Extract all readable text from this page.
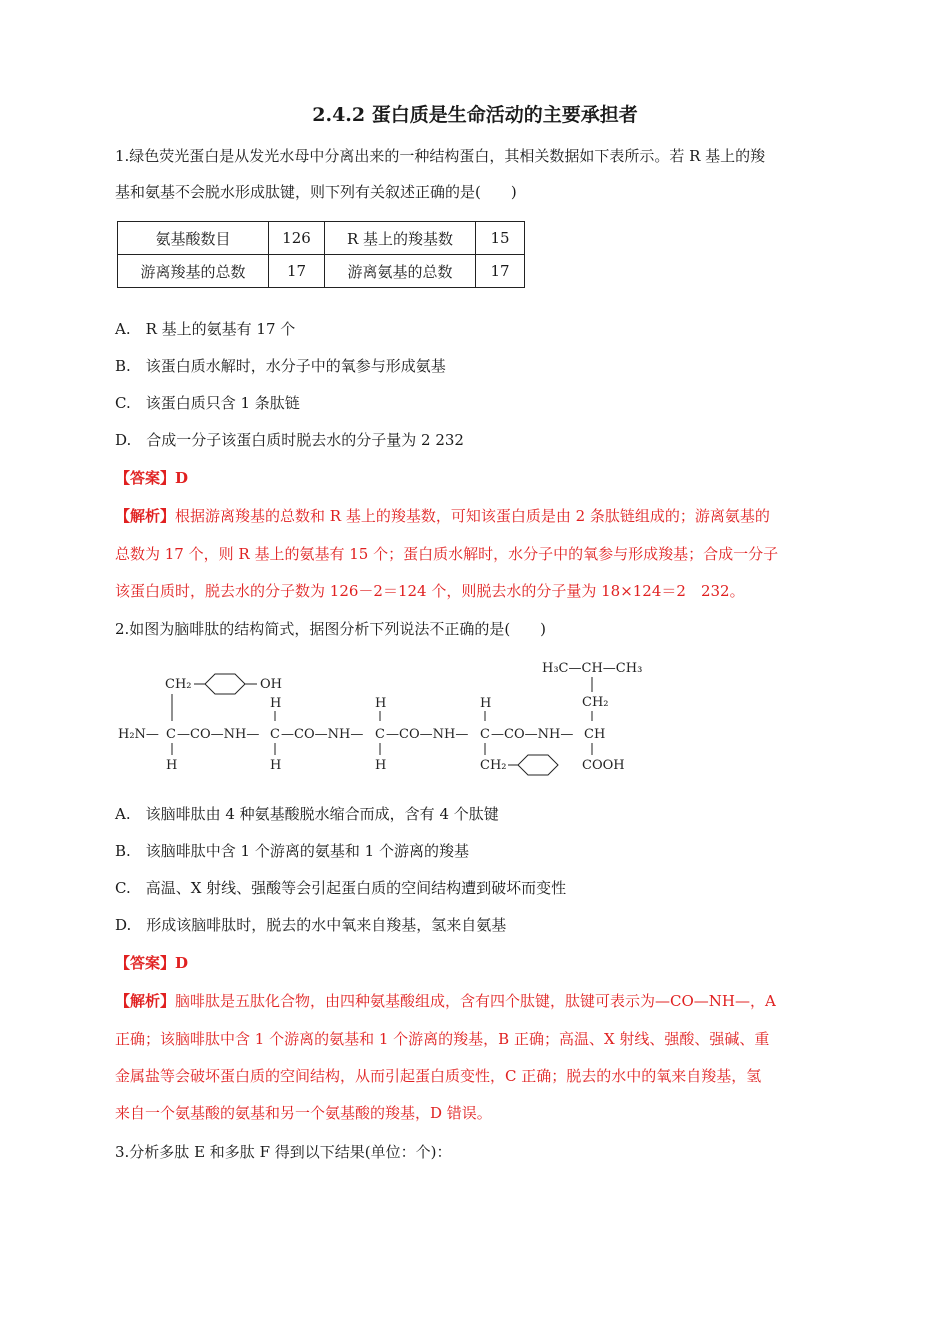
2.4.2 蛋白质是生命活动的主要承担者
1.绿色荧光蛋白是从发光水母中分离出来的一种结构蛋白，其相关数据如下表所示。若 R 基上的羧
基和氨基不会脱水形成肽键，则下列有关叙述正确的是(　　)
氨基酸数目	126	R 基上的羧基数	15
游离羧基的总数	17	游离氨基的总数	17
A.　R 基上的氨基有 17 个
B.　该蛋白质水解时，水分子中的氧参与形成氨基
C.　该蛋白质只含 1 条肽链
D.　合成一分子该蛋白质时脱去水的分子量为 2 232
【答案】D
【解析】根据游离羧基的总数和 R 基上的羧基数，可知该蛋白质是由 2 条肽链组成的；游离氨基的
总数为 17 个，则 R 基上的氨基有 15 个；蛋白质水解时，水分子中的氧参与形成羧基；合成一分子
该蛋白质时，脱去水的分子数为 126－2＝124 个，则脱去水的分子量为 18×124＝2　232。
2.如图为脑啡肽的结构简式，据图分析下列说法不正确的是(　　)
CH₂	OH
H	H	H
H₃C—CH—CH₃
CH₂
H₂N— C —CO—NH— C —CO—NH— C —CO—NH— C —CO—NH— CH
H	H	H	CH₂	COOH
A.　该脑啡肽由 4 种氨基酸脱水缩合而成，含有 4 个肽键
B.　该脑啡肽中含 1 个游离的氨基和 1 个游离的羧基
C.　高温、X 射线、强酸等会引起蛋白质的空间结构遭到破坏而变性
D.　形成该脑啡肽时，脱去的水中氧来自羧基，氢来自氨基
【答案】D
【解析】脑啡肽是五肽化合物，由四种氨基酸组成，含有四个肽键，肽键可表示为—CO—NH—，A
正确；该脑啡肽中含 1 个游离的氨基和 1 个游离的羧基，B 正确；高温、X 射线、强酸、强碱、重
金属盐等会破坏蛋白质的空间结构，从而引起蛋白质变性，C 正确；脱去的水中的氧来自羧基，氢
来自一个氨基酸的氨基和另一个氨基酸的羧基，D 错误。
3.分析多肽 E 和多肽 F 得到以下结果(单位：个)：
